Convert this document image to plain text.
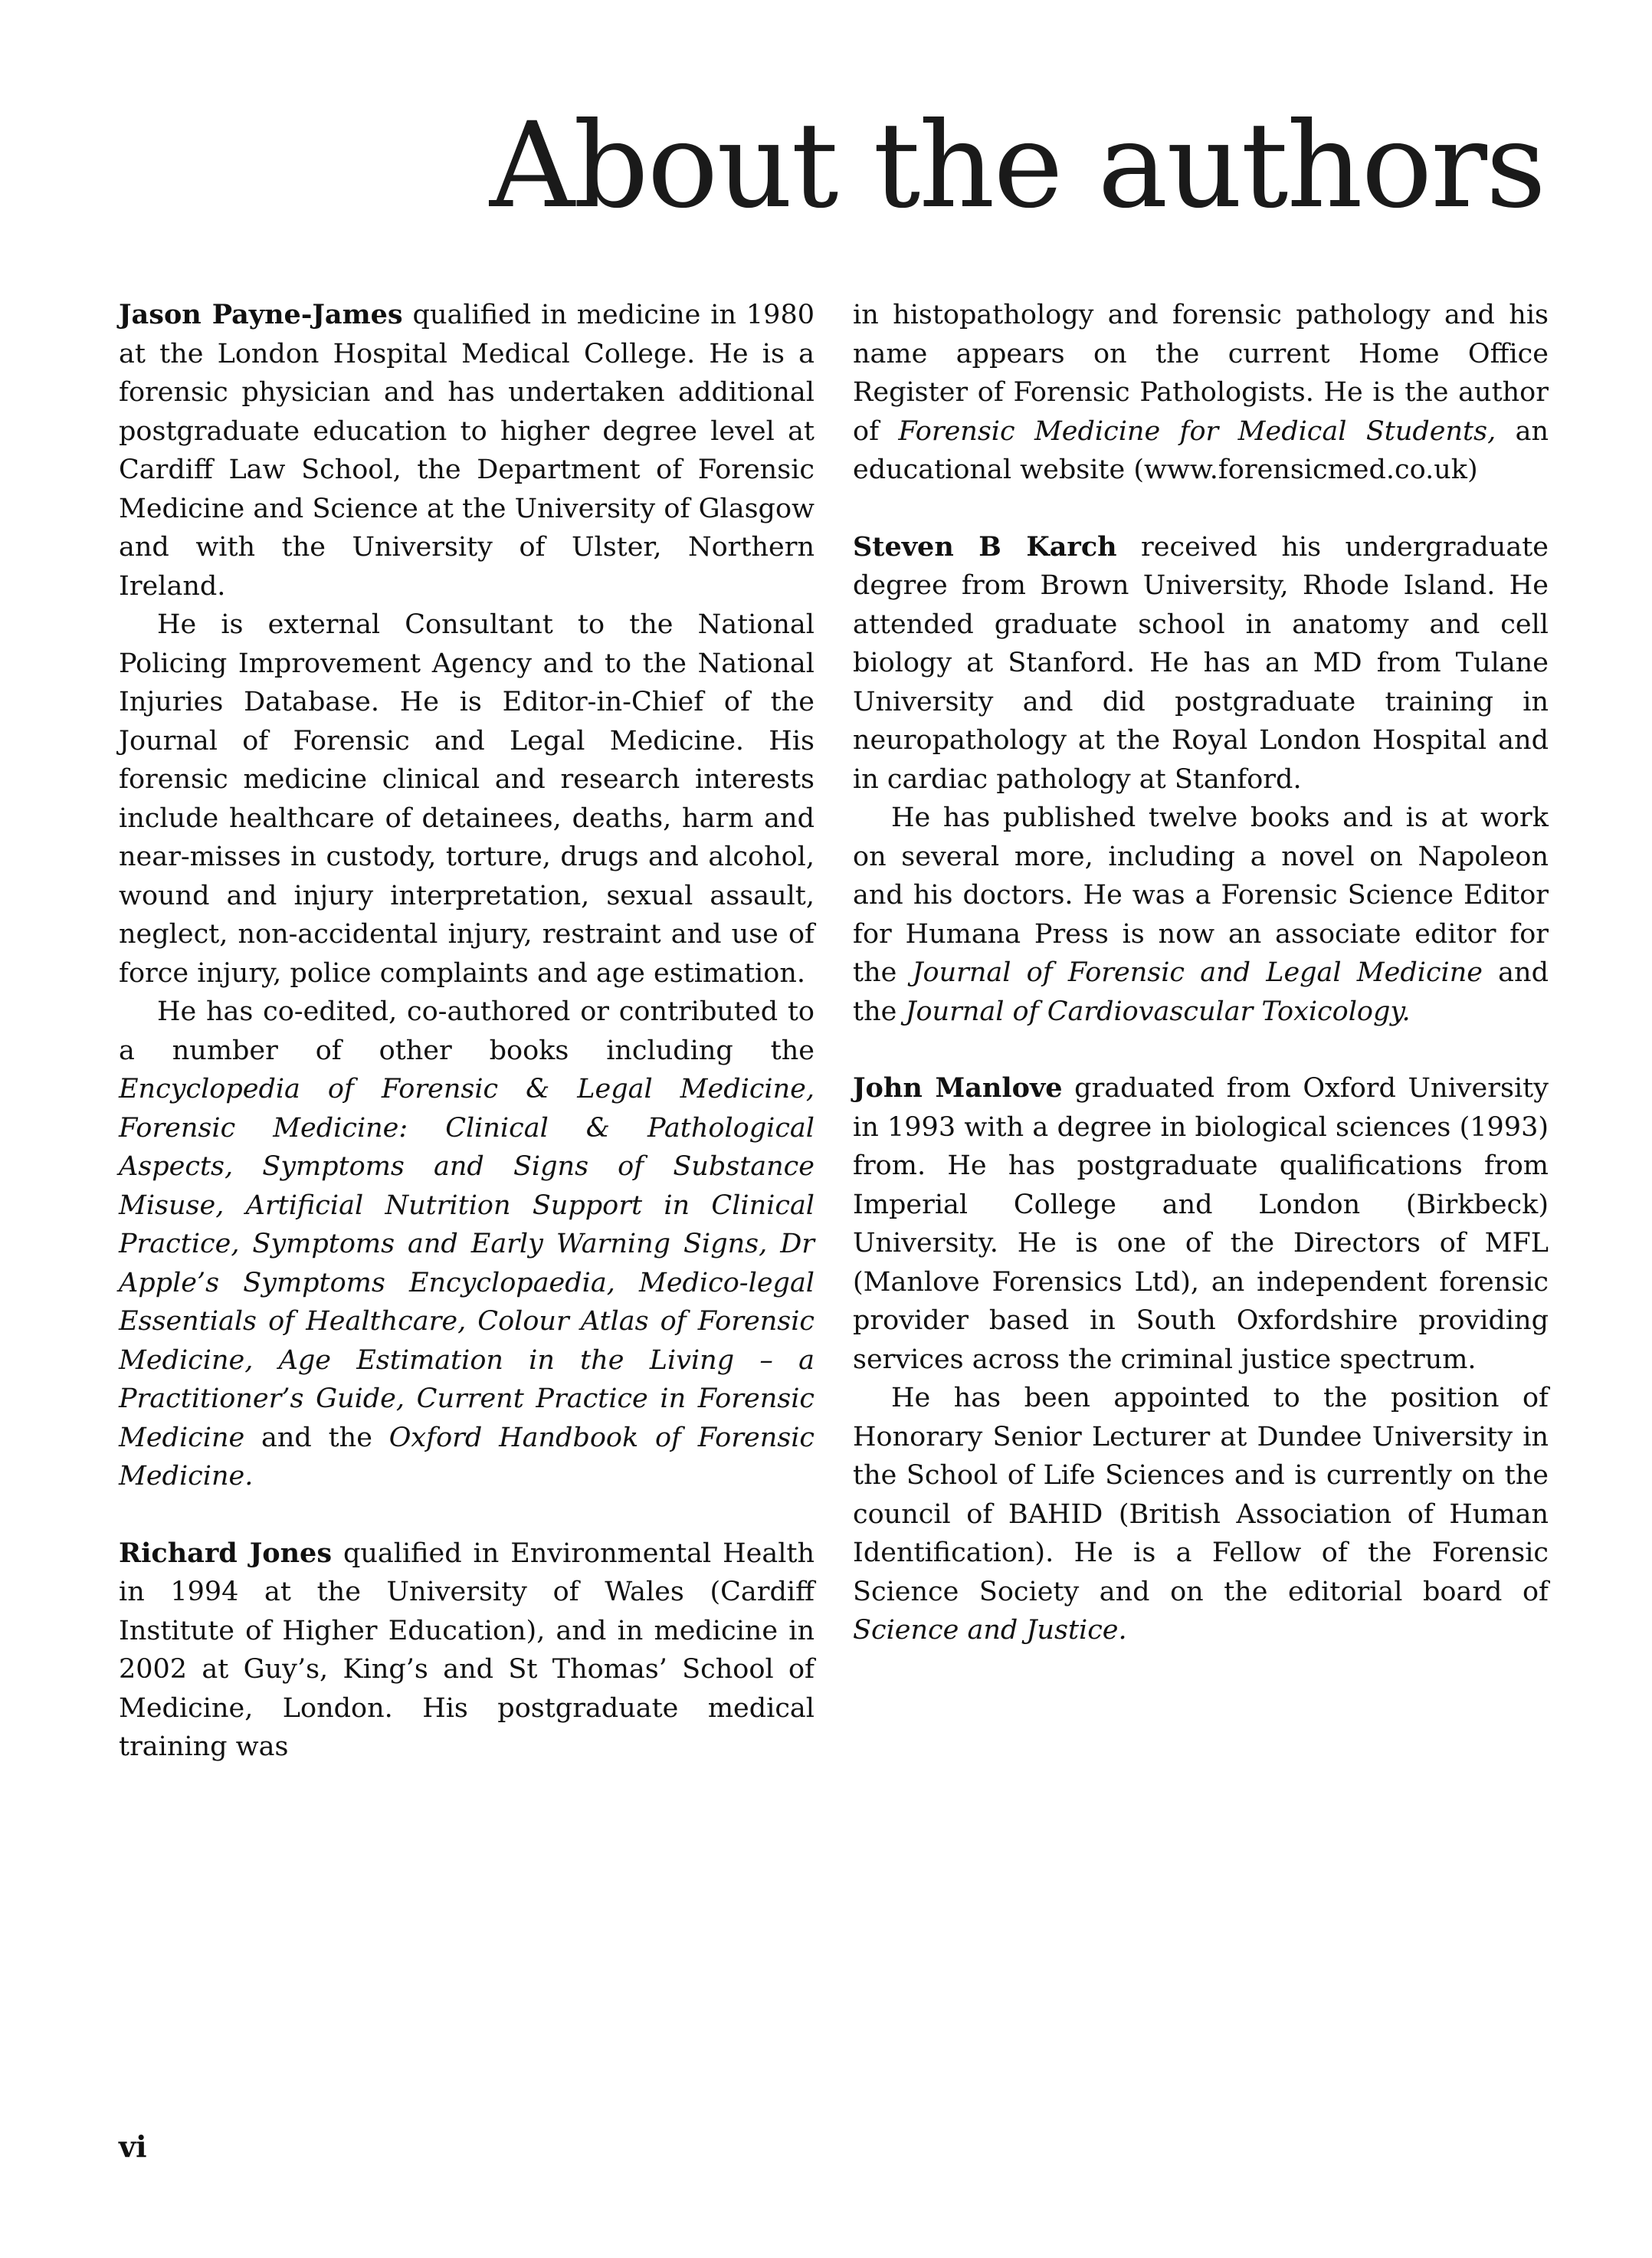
About the authors

Jason Payne-James qualified in medicine in 1980 at the London Hospital Medical College. He is a forensic physician and has undertaken additional postgraduate education to higher degree level at Cardiff Law School, the Department of Forensic Medicine and Science at the University of Glasgow and with the University of Ulster, Northern Ireland.

He is external Consultant to the National Policing Improvement Agency and to the National Injuries Database. He is Editor-in-Chief of the Journal of Forensic and Legal Medicine. His forensic medicine clinical and research interests include healthcare of detainees, deaths, harm and near-misses in custody, torture, drugs and alcohol, wound and injury interpretation, sexual assault, neglect, non-accidental injury, restraint and use of force injury, police complaints and age estimation.

He has co-edited, co-authored or contributed to a number of other books including the Encyclopedia of Forensic & Legal Medicine, Forensic Medicine: Clinical & Pathological Aspects, Symptoms and Signs of Substance Misuse, Artificial Nutrition Support in Clinical Practice, Symptoms and Early Warning Signs, Dr Apple’s Symptoms Encyclopaedia, Medico-legal Essentials of Healthcare, Colour Atlas of Forensic Medicine, Age Estimation in the Living – a Practitioner’s Guide, Current Practice in Forensic Medicine and the Oxford Handbook of Forensic Medicine.

Richard Jones qualified in Environmental Health in 1994 at the University of Wales (Cardiff Institute of Higher Education), and in medicine in 2002 at Guy’s, King’s and St Thomas’ School of Medicine, London. His postgraduate medical training was

in histopathology and forensic pathology and his name appears on the current Home Office Register of Forensic Pathologists. He is the author of Forensic Medicine for Medical Students, an educational website (www.forensicmed.co.uk)

Steven B Karch received his undergraduate degree from Brown University, Rhode Island. He attended graduate school in anatomy and cell biology at Stanford. He has an MD from Tulane University and did postgraduate training in neuropathology at the Royal London Hospital and in cardiac pathology at Stanford.

He has published twelve books and is at work on several more, including a novel on Napoleon and his doctors. He was a Forensic Science Editor for Humana Press is now an associate editor for the Journal of Forensic and Legal Medicine and the Journal of Cardiovascular Toxicology.

John Manlove graduated from Oxford University in 1993 with a degree in biological sciences (1993) from. He has postgraduate qualifications from Imperial College and London (Birkbeck) University. He is one of the Directors of MFL (Manlove Forensics Ltd), an independent forensic provider based in South Oxfordshire providing services across the criminal justice spectrum.

He has been appointed to the position of Honorary Senior Lecturer at Dundee University in the School of Life Sciences and is currently on the council of BAHID (British Association of Human Identification). He is a Fellow of the Forensic Science Society and on the editorial board of Science and Justice.

vi
